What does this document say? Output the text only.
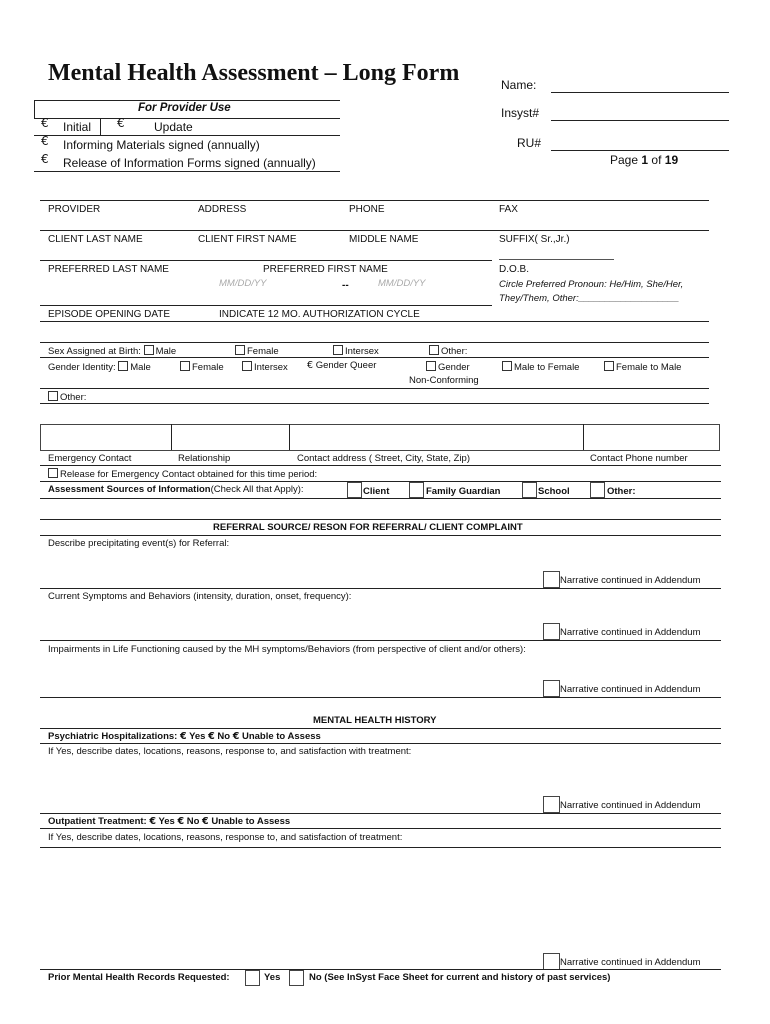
Mental Health Assessment – Long Form	Name:
Insyst#
RU#
Page 1 of 19
For Provider Use
€ Initial € Update
€ Informing Materials signed (annually)
€ Release of Information Forms signed (annually)
PROVIDER	ADDRESS	PHONE	FAX
CLIENT LAST NAME	CLIENT FIRST NAME	MIDDLE NAME	SUFFIX( Sr.,Jr.)
PREFERRED LAST NAME	PREFERRED FIRST NAME
MM/DD/YY	--	MM/DD/YY
D.O.B.
Circle Preferred Pronoun: He/Him, She/Her,
They/Them, Other:___________________
EPISODE OPENING DATE	INDICATE 12 MO. AUTHORIZATION CYCLE
Sex Assigned at Birth: Male	Female	Intersex	Other:
Gender Identity: Male	Female	Intersex € Gender Queer	Gender
Non-Conforming
Male to Female	Female to Male
Other:
Emergency Contact	Relationship	Contact address ( Street, City, State, Zip)	Contact Phone number
Release for Emergency Contact obtained for this time period:
Assessment Sources of Information(Check All that Apply):	Client	Family Guardian	School	Other:
REFERRAL SOURCE/ RESON FOR REFERRAL/ CLIENT COMPLAINT
Describe precipitating event(s) for Referral:
Narrative continued in Addendum
Current Symptoms and Behaviors (intensity, duration, onset, frequency):
Narrative continued in Addendum
Impairments in Life Functioning caused by the MH symptoms/Behaviors (from perspective of client and/or others):
Narrative continued in Addendum
MENTAL HEALTH HISTORY
Psychiatric Hospitalizations: € Yes € No € Unable to Assess
If Yes, describe dates, locations, reasons, response to, and satisfaction with treatment:
Narrative continued in Addendum
Outpatient Treatment: € Yes € No € Unable to Assess
If Yes, describe dates, locations, reasons, response to, and satisfaction of treatment:
Narrative continued in Addendum
Prior Mental Health Records Requested:	Yes	No (See InSyst Face Sheet for current and history of past services)
